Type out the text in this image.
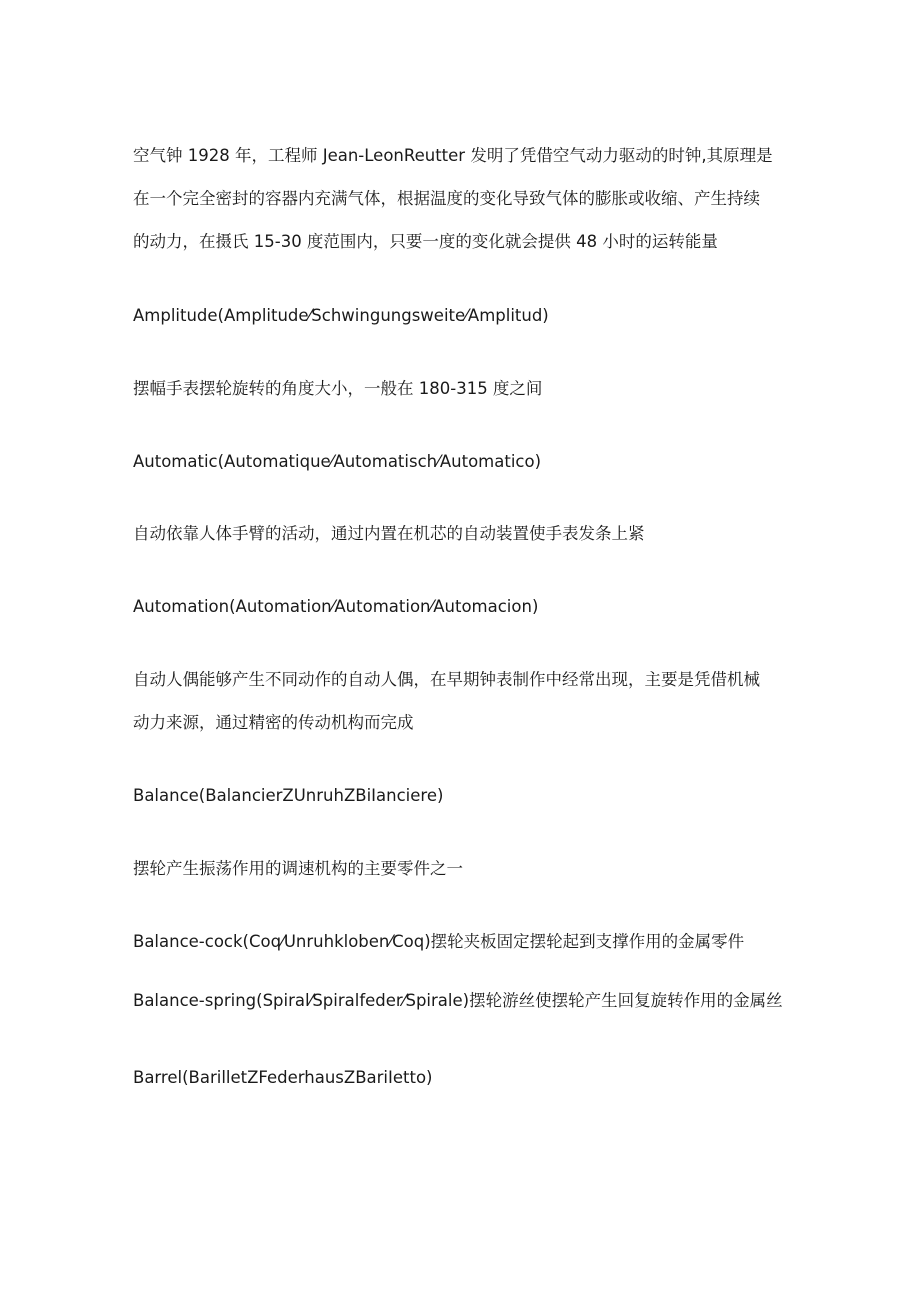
空气钟 1928 年，工程师 Jean-LeonReutter 发明了凭借空气动力驱动的时钟,其原理是

在一个完全密封的容器内充满气体，根据温度的变化导致气体的膨胀或收缩、产生持续

的动力，在摄氏 15-30 度范围内，只要一度的变化就会提供 48 小时的运转能量

Amplitude(Amplitude⁄Schwingungsweite⁄Amplitud)

摆幅手表摆轮旋转的角度大小，一般在 180-315 度之间

Automatic(Automatique⁄Automatisch⁄Automatico)

自动依靠人体手臂的活动，通过内置在机芯的自动装置使手表发条上紧

Automation(Automation⁄Automation⁄Automacion)

自动人偶能够产生不同动作的自动人偶，在早期钟表制作中经常出现，主要是凭借机械

动力来源，通过精密的传动机构而完成

Balance(BalancierZUnruhZBiIanciere)

摆轮产生振荡作用的调速机构的主要零件之一

Balance-cock(Coq⁄Unruhkloben⁄Coq)摆轮夹板固定摆轮起到支撑作用的金属零件

Balance-spring(Spiral⁄Spiralfeder⁄Spirale)摆轮游丝使摆轮产生回复旋转作用的金属丝

Barrel(BarilletZFederhausZBariIetto)
